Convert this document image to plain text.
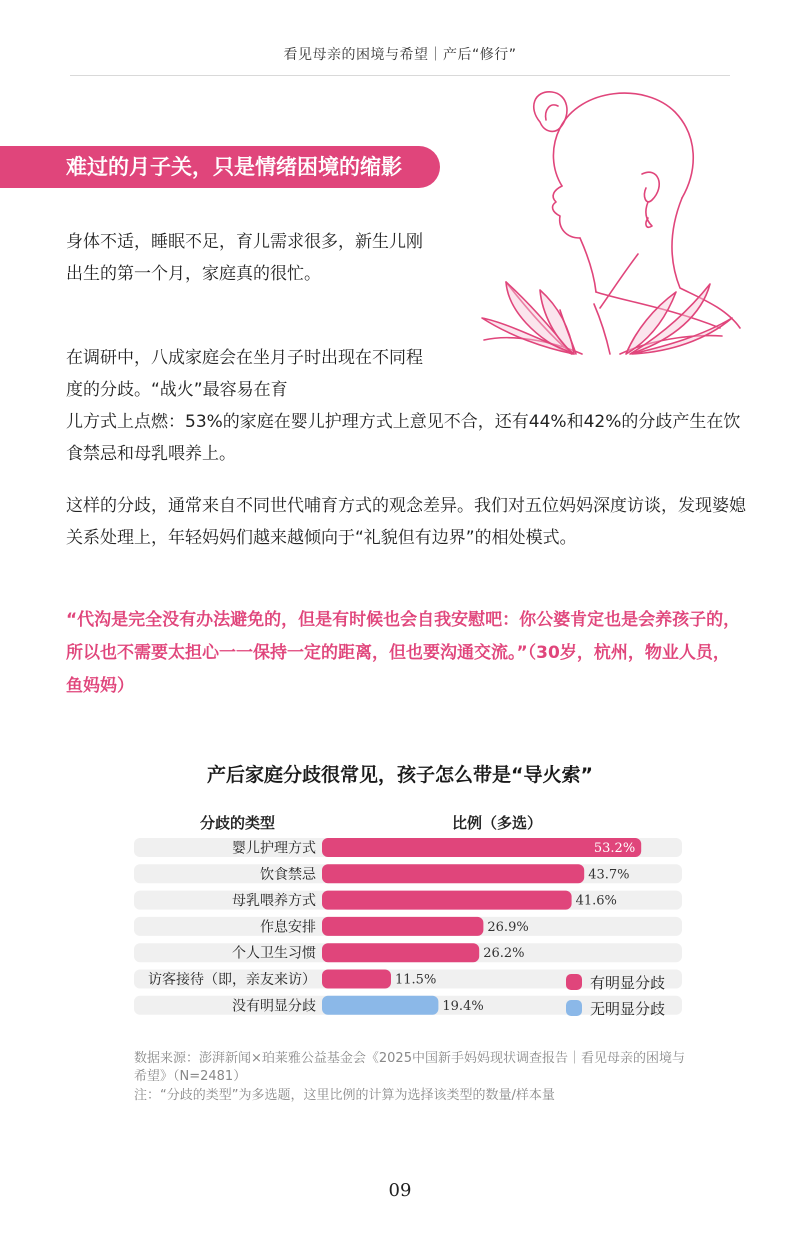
看见母亲的困境与希望｜产后“修行”
难过的月子关，只是情绪困境的缩影
身体不适，睡眠不足，育儿需求很多，新生儿刚出生的第一个月，家庭真的很忙。
在调研中，八成家庭会在坐月子时出现在不同程度的分歧。“战火”最容易在育
儿方式上点燃：53%的家庭在婴儿护理方式上意见不合，还有44%和42%的分歧产生在饮食禁忌和母乳喂养上。
这样的分歧，通常来自不同世代哺育方式的观念差异。我们对五位妈妈深度访谈，发现婆媳关系处理上，年轻妈妈们越来越倾向于“礼貌但有边界”的相处模式。
“代沟是完全没有办法避免的，但是有时候也会自我安慰吧：你公婆肯定也是会养孩子的，所以也不需要太担心一一保持一定的距离，但也要沟通交流。”（30岁，杭州，物业人员，鱼妈妈）
产后家庭分歧很常见，孩子怎么带是“导火索”
分歧的类型	比例（多选）
婴儿护理方式	53.2%
饮食禁忌	43.7%
母乳喂养方式	41.6%
作息安排	26.9%
个人卫生习惯	26.2%
访客接待（即，亲友来访）	11.5%
没有明显分歧	19.4%
有明显分歧
无明显分歧
数据来源：澎湃新闻×珀莱雅公益基金会《2025中国新手妈妈现状调查报告｜看见母亲的困境与希望》（N=2481）
注：“分歧的类型”为多选题，这里比例的计算为选择该类型的数量/样本量
09
